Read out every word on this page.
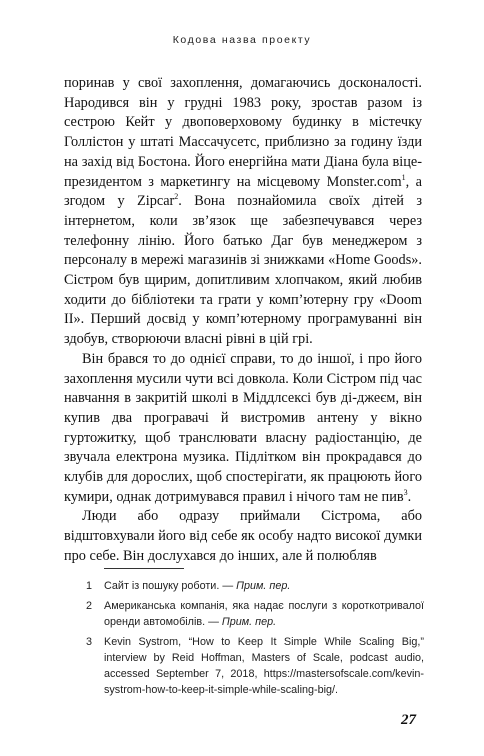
Кодова назва проекту

поринав у свої захоплення, домагаючись досконалості. Народився він у грудні 1983 року, зростав разом із сестрою Кейт у двоповерховому будинку в містечку Голлістон у штаті Массачусетс, приблизно за годину їзди на захід від Бостона. Його енергійна мати Діана була віце-президентом з маркетингу на місцевому Monster.com$^1$, а згодом у Zipcar$^2$. Вона познайомила своїх дітей з інтернетом, коли зв’язок ще забезпечувався через телефонну лінію. Його батько Даг був менеджером з персоналу в мережі магазинів зі знижками «Home Goods». Сістром був щирим, допитливим хлопчаком, який любив ходити до бібліотеки та грати у комп’ютерну гру «Doom II». Перший досвід у комп’ютерному програмуванні він здобув, створюючи власні рівні в цій грі.

Він брався то до однієї справи, то до іншої, і про його захоплення мусили чути всі довкола. Коли Сістром під час навчання в закритій школі в Міддлсексі був ді-джеєм, він купив два програвачі й вистромив антену у вікно гуртожитку, щоб транслювати власну радіостанцію, де звучала електрона музика. Підлітком він прокрадався до клубів для дорослих, щоб спостерігати, як працюють його кумири, однак дотримувався правил і нічого там не пив$^3$.

Люди або одразу приймали Сістрома, або відштовхували його від себе як особу надто високої думки про себе. Він дослухався до інших, але й полюбляв

1	Сайт із пошуку роботи. — Прим. пер.
2	Американська компанія, яка надає послуги з короткотривалої оренди автомобілів. — Прим. пер.
3	Kevin Systrom, “How to Keep It Simple While Scaling Big,” interview by Reid Hoffman, Masters of Scale, podcast audio, accessed September 7, 2018, https://mastersofscale.com/kevin-systrom-how-to-keep-it-simple-while-scaling-big/.
27
